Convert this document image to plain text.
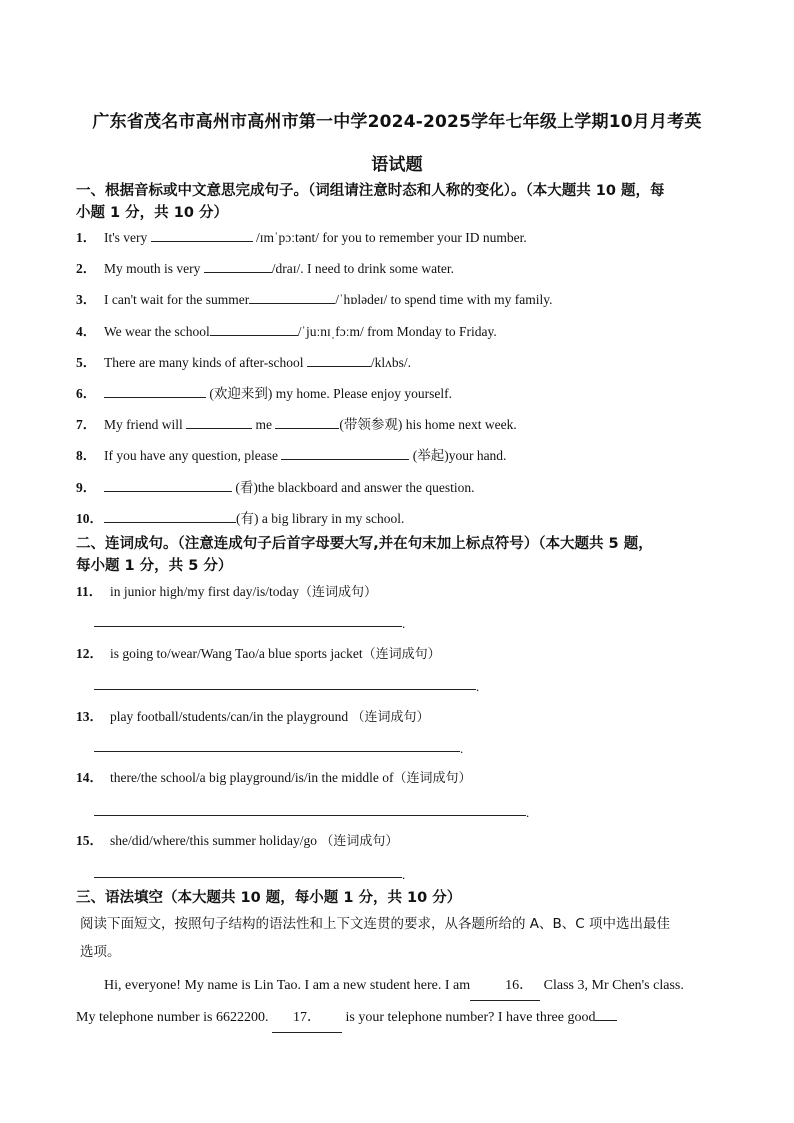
广东省茂名市高州市高州市第一中学2024-2025学年七年级上学期10月月考英
语试题
一、根据音标或中文意思完成句子。（词组请注意时态和人称的变化）。（本大题共 10 题，每
小题 1 分，共 10 分）
1． It's very	/ɪmˈpɔːtənt/ for you to remember your ID number.
2． My mouth is very	/draɪ/. I need to drink some water.
3． I can't wait for the summer	/ˈhɒlədeɪ/ to spend time with my family.
4． We wear the school	/ˈjuːnɪˌfɔːm/ from Monday to Friday.
5． There are many kinds of after-school	/klʌbs/.
6．	(欢迎来到) my home. Please enjoy yourself.
7． My friend will	me	(带领参观) his home next week.
8． If you have any question, please	(举起)your hand.
9．	(看)the blackboard and answer the question.
10．	(有) a big library in my school.
二、连词成句。（注意连成句子后首字母要大写,并在句末加上标点符号）（本大题共 5 题，
每小题 1 分，共 5 分）
11． in junior high/my first day/is/today（连词成句）
.
12． is going to/wear/Wang Tao/a blue sports jacket（连词成句）
.
13． play football/students/can/in the playground （连词成句）
.
14． there/the school/a big playground/is/in the middle of（连词成句）
.
15． she/did/where/this summer holiday/go （连词成句）
.
三、语法填空（本大题共 10 题，每小题 1 分，共 10 分）
阅读下面短文，按照句子结构的语法性和上下文连贯的要求，从各题所给的 A、B、C 项中选出最佳
选项。
Hi, everyone! My name is Lin Tao. I am a new student here. I am	16． Class 3, Mr Chen's class.
My telephone number is 6622200. 17． is your telephone number? I have three good
